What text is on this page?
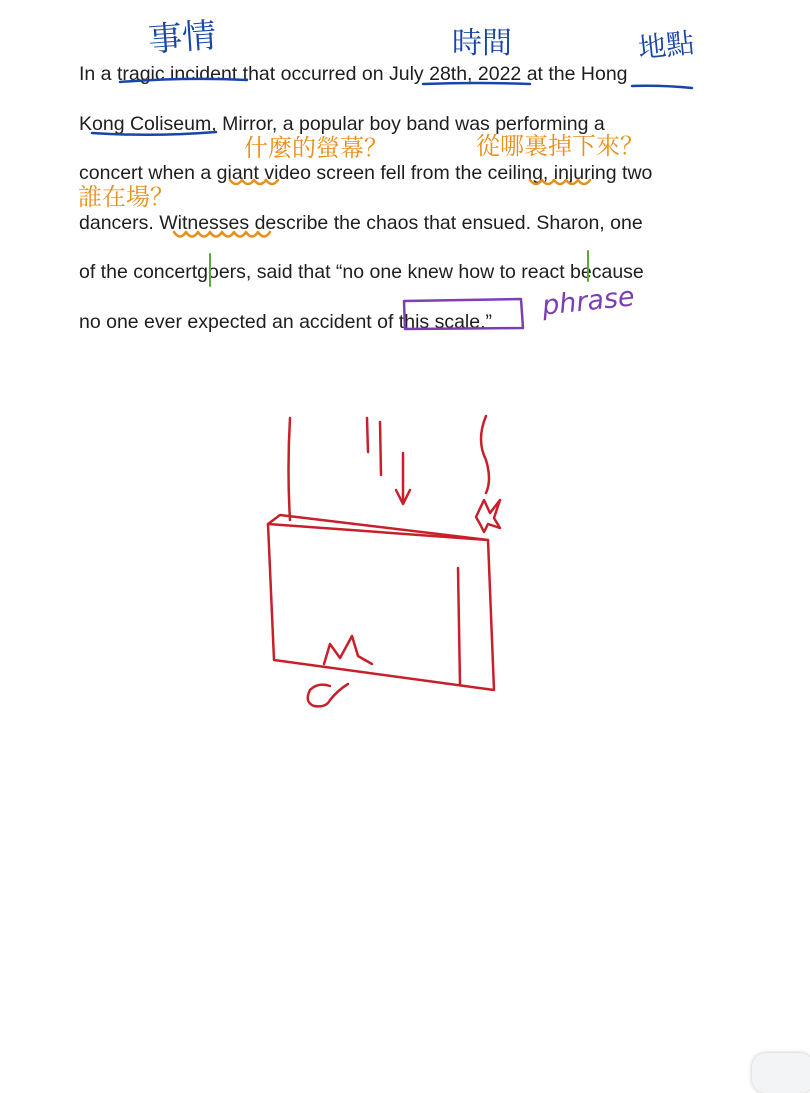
In a tragic incident that occurred on July 28th, 2022 at the Hong
Kong Coliseum, Mirror, a popular boy band was performing a
concert when a giant video screen fell from the ceiling, injuring two
dancers. Witnesses describe the chaos that ensued. Sharon, one
of the concertgoers, said that “no one knew how to react because
no one ever expected an accident of this scale.”
事情	時間	地點
什麼的螢幕？	從哪裏掉下來？
誰在場？
phrase
